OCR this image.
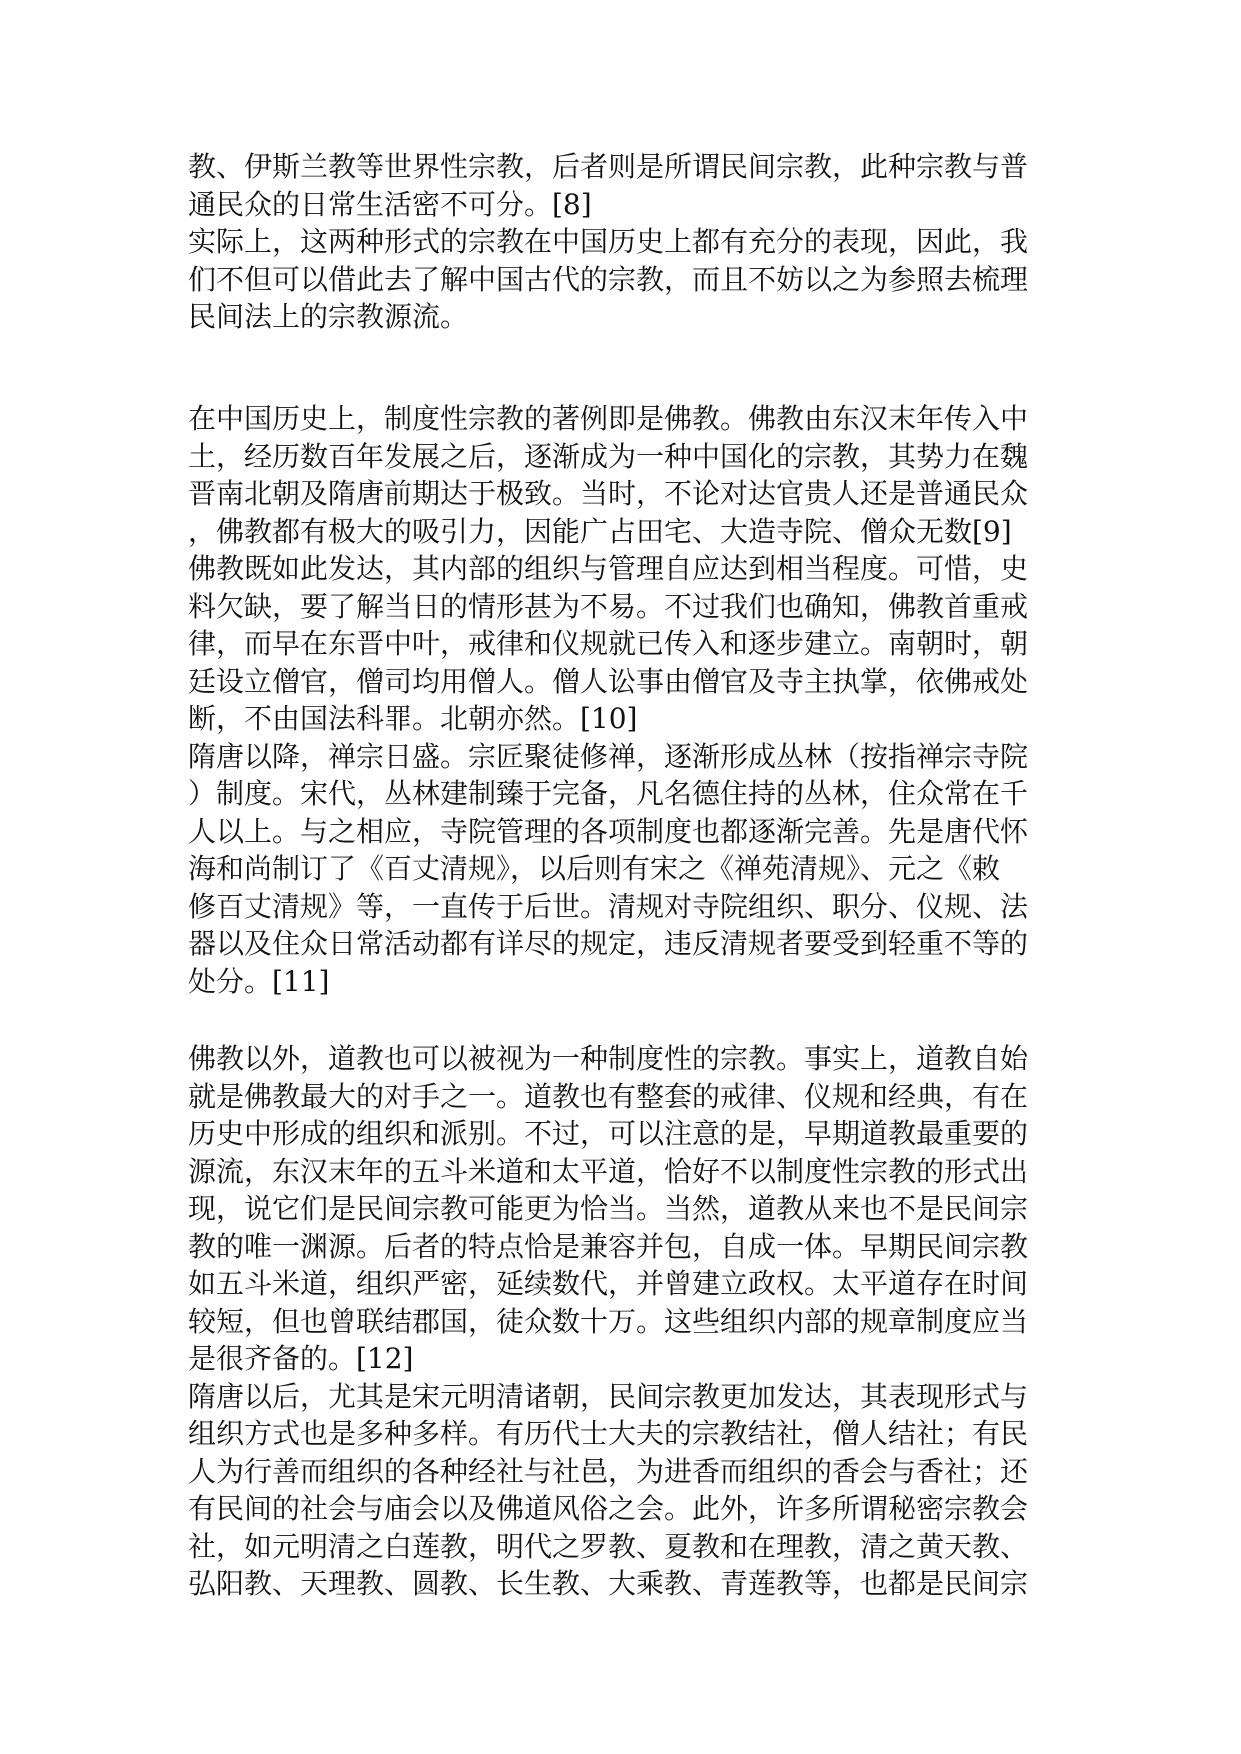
教、伊斯兰教等世界性宗教，后者则是所谓民间宗教，此种宗教与普
通民众的日常生活密不可分。[8]
实际上，这两种形式的宗教在中国历史上都有充分的表现，因此，我
们不但可以借此去了解中国古代的宗教，而且不妨以之为参照去梳理
民间法上的宗教源流。
在中国历史上，制度性宗教的著例即是佛教。佛教由东汉末年传入中
土，经历数百年发展之后，逐渐成为一种中国化的宗教，其势力在魏
晋南北朝及隋唐前期达于极致。当时，不论对达官贵人还是普通民众
，佛教都有极大的吸引力，因能广占田宅、大造寺院、僧众无数[9]
佛教既如此发达，其内部的组织与管理自应达到相当程度。可惜，史
料欠缺，要了解当日的情形甚为不易。不过我们也确知，佛教首重戒
律，而早在东晋中叶，戒律和仪规就已传入和逐步建立。南朝时，朝
廷设立僧官，僧司均用僧人。僧人讼事由僧官及寺主执掌，依佛戒处
断，不由国法科罪。北朝亦然。[10]
隋唐以降，禅宗日盛。宗匠聚徒修禅，逐渐形成丛林（按指禅宗寺院
）制度。宋代，丛林建制臻于完备，凡名德住持的丛林，住众常在千
人以上。与之相应，寺院管理的各项制度也都逐渐完善。先是唐代怀
海和尚制订了《百丈清规》，以后则有宋之《禅苑清规》、元之《敕
修百丈清规》等，一直传于后世。清规对寺院组织、职分、仪规、法
器以及住众日常活动都有详尽的规定，违反清规者要受到轻重不等的
处分。[11]
佛教以外，道教也可以被视为一种制度性的宗教。事实上，道教自始
就是佛教最大的对手之一。道教也有整套的戒律、仪规和经典，有在
历史中形成的组织和派别。不过，可以注意的是，早期道教最重要的
源流，东汉末年的五斗米道和太平道，恰好不以制度性宗教的形式出
现，说它们是民间宗教可能更为恰当。当然，道教从来也不是民间宗
教的唯一渊源。后者的特点恰是兼容并包，自成一体。早期民间宗教
如五斗米道，组织严密，延续数代，并曾建立政权。太平道存在时间
较短，但也曾联结郡国，徒众数十万。这些组织内部的规章制度应当
是很齐备的。[12]
隋唐以后，尤其是宋元明清诸朝，民间宗教更加发达，其表现形式与
组织方式也是多种多样。有历代士大夫的宗教结社，僧人结社；有民
人为行善而组织的各种经社与社邑，为进香而组织的香会与香社；还
有民间的社会与庙会以及佛道风俗之会。此外，许多所谓秘密宗教会
社，如元明清之白莲教，明代之罗教、夏教和在理教，清之黄天教、
弘阳教、天理教、圆教、长生教、大乘教、青莲教等，也都是民间宗
